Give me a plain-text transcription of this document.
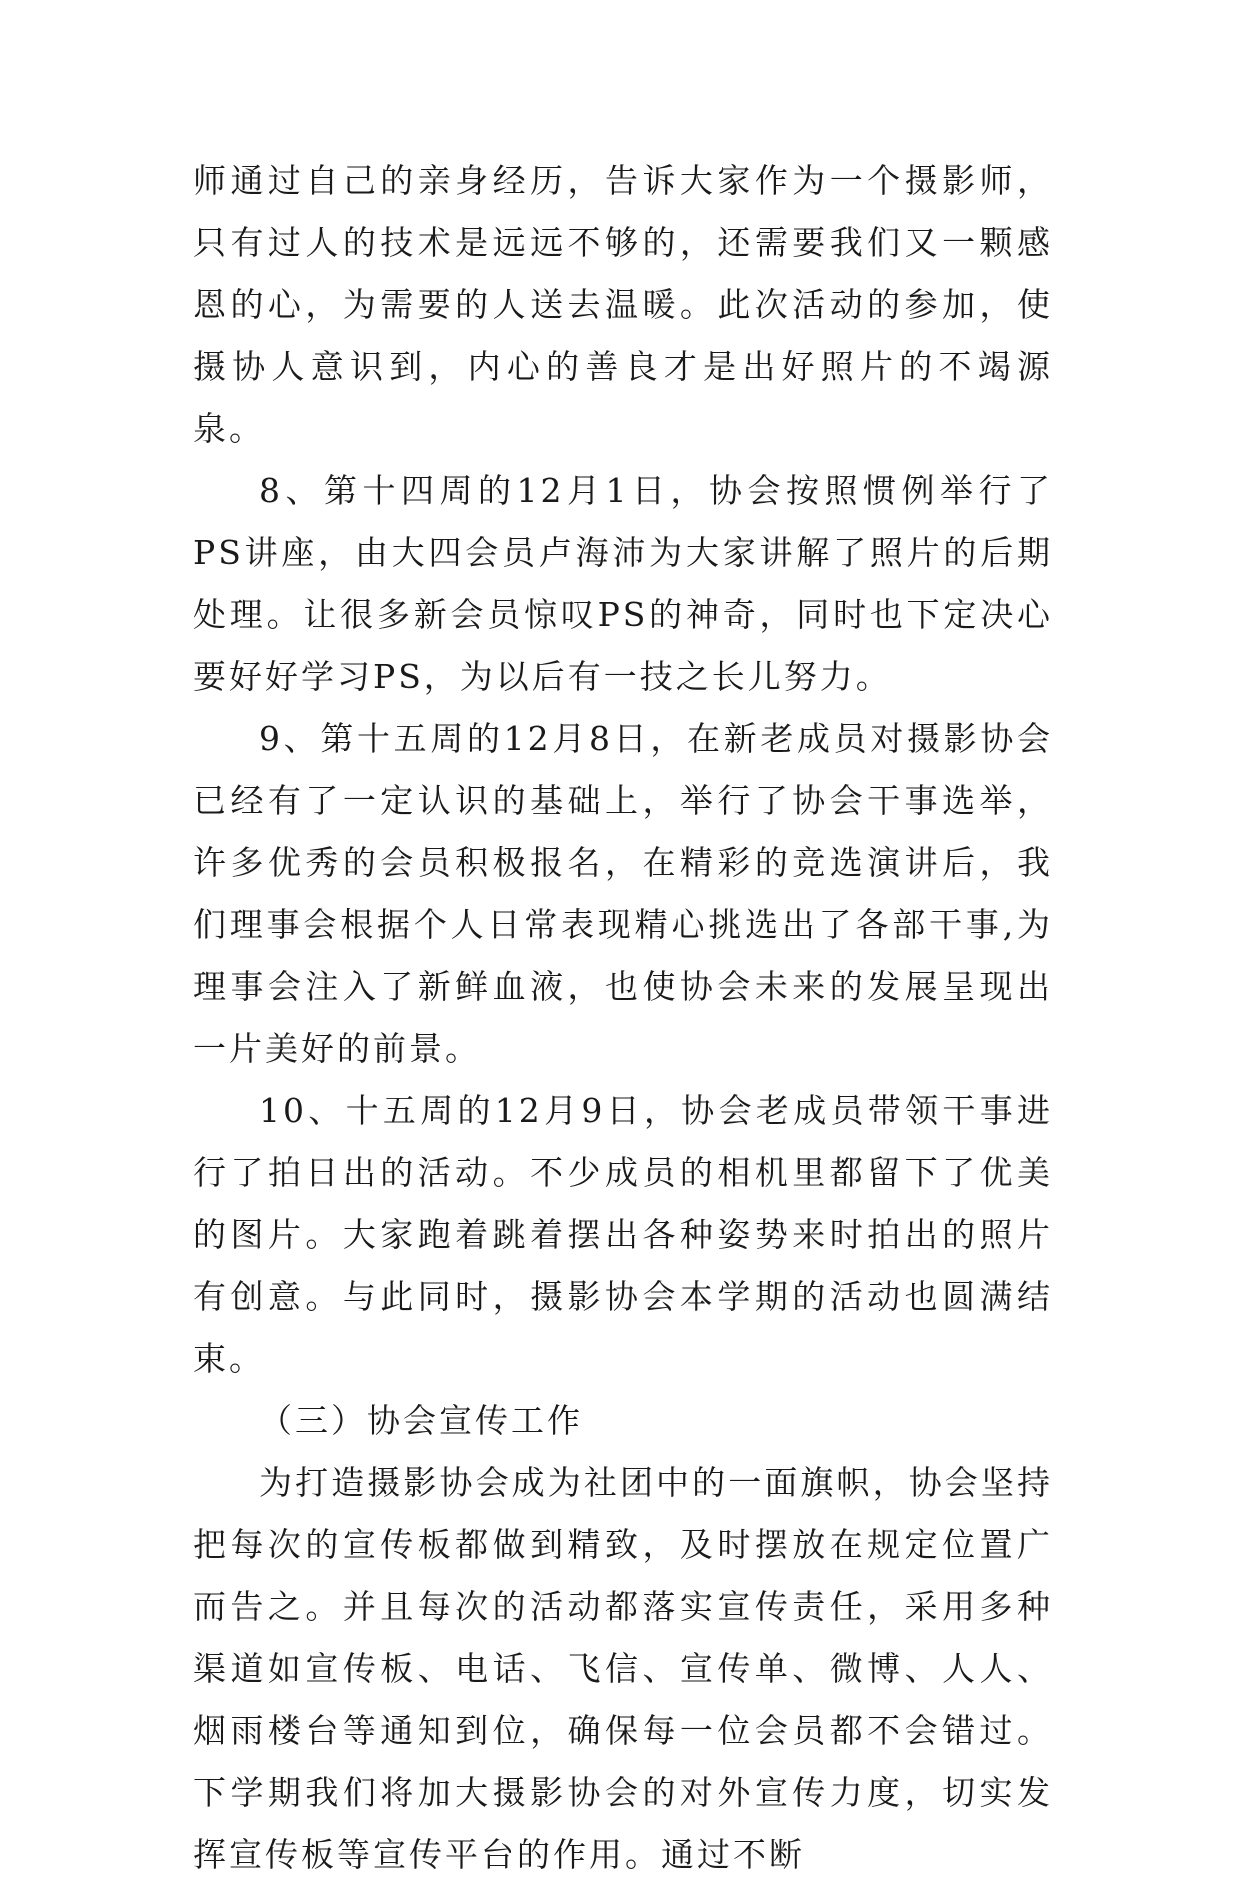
师通过自己的亲身经历，告诉大家作为一个摄影师，只有过人的技术是远远不够的，还需要我们又一颗感恩的心，为需要的人送去温暖。此次活动的参加，使摄协人意识到，内心的善良才是出好照片的不竭源泉。

8、第十四周的12月1日，协会按照惯例举行了PS讲座，由大四会员卢海沛为大家讲解了照片的后期处理。让很多新会员惊叹PS的神奇，同时也下定决心要好好学习PS，为以后有一技之长儿努力。

9、第十五周的12月8日，在新老成员对摄影协会已经有了一定认识的基础上，举行了协会干事选举，许多优秀的会员积极报名，在精彩的竞选演讲后，我们理事会根据个人日常表现精心挑选出了各部干事,为理事会注入了新鲜血液，也使协会未来的发展呈现出一片美好的前景。

10、十五周的12月9日，协会老成员带领干事进行了拍日出的活动。不少成员的相机里都留下了优美的图片。大家跑着跳着摆出各种姿势来时拍出的照片有创意。与此同时，摄影协会本学期的活动也圆满结束。

（三）协会宣传工作

为打造摄影协会成为社团中的一面旗帜，协会坚持把每次的宣传板都做到精致，及时摆放在规定位置广而告之。并且每次的活动都落实宣传责任，采用多种渠道如宣传板、电话、飞信、宣传单、微博、人人、烟雨楼台等通知到位，确保每一位会员都不会错过。下学期我们将加大摄影协会的对外宣传力度，切实发挥宣传板等宣传平台的作用。通过不断
